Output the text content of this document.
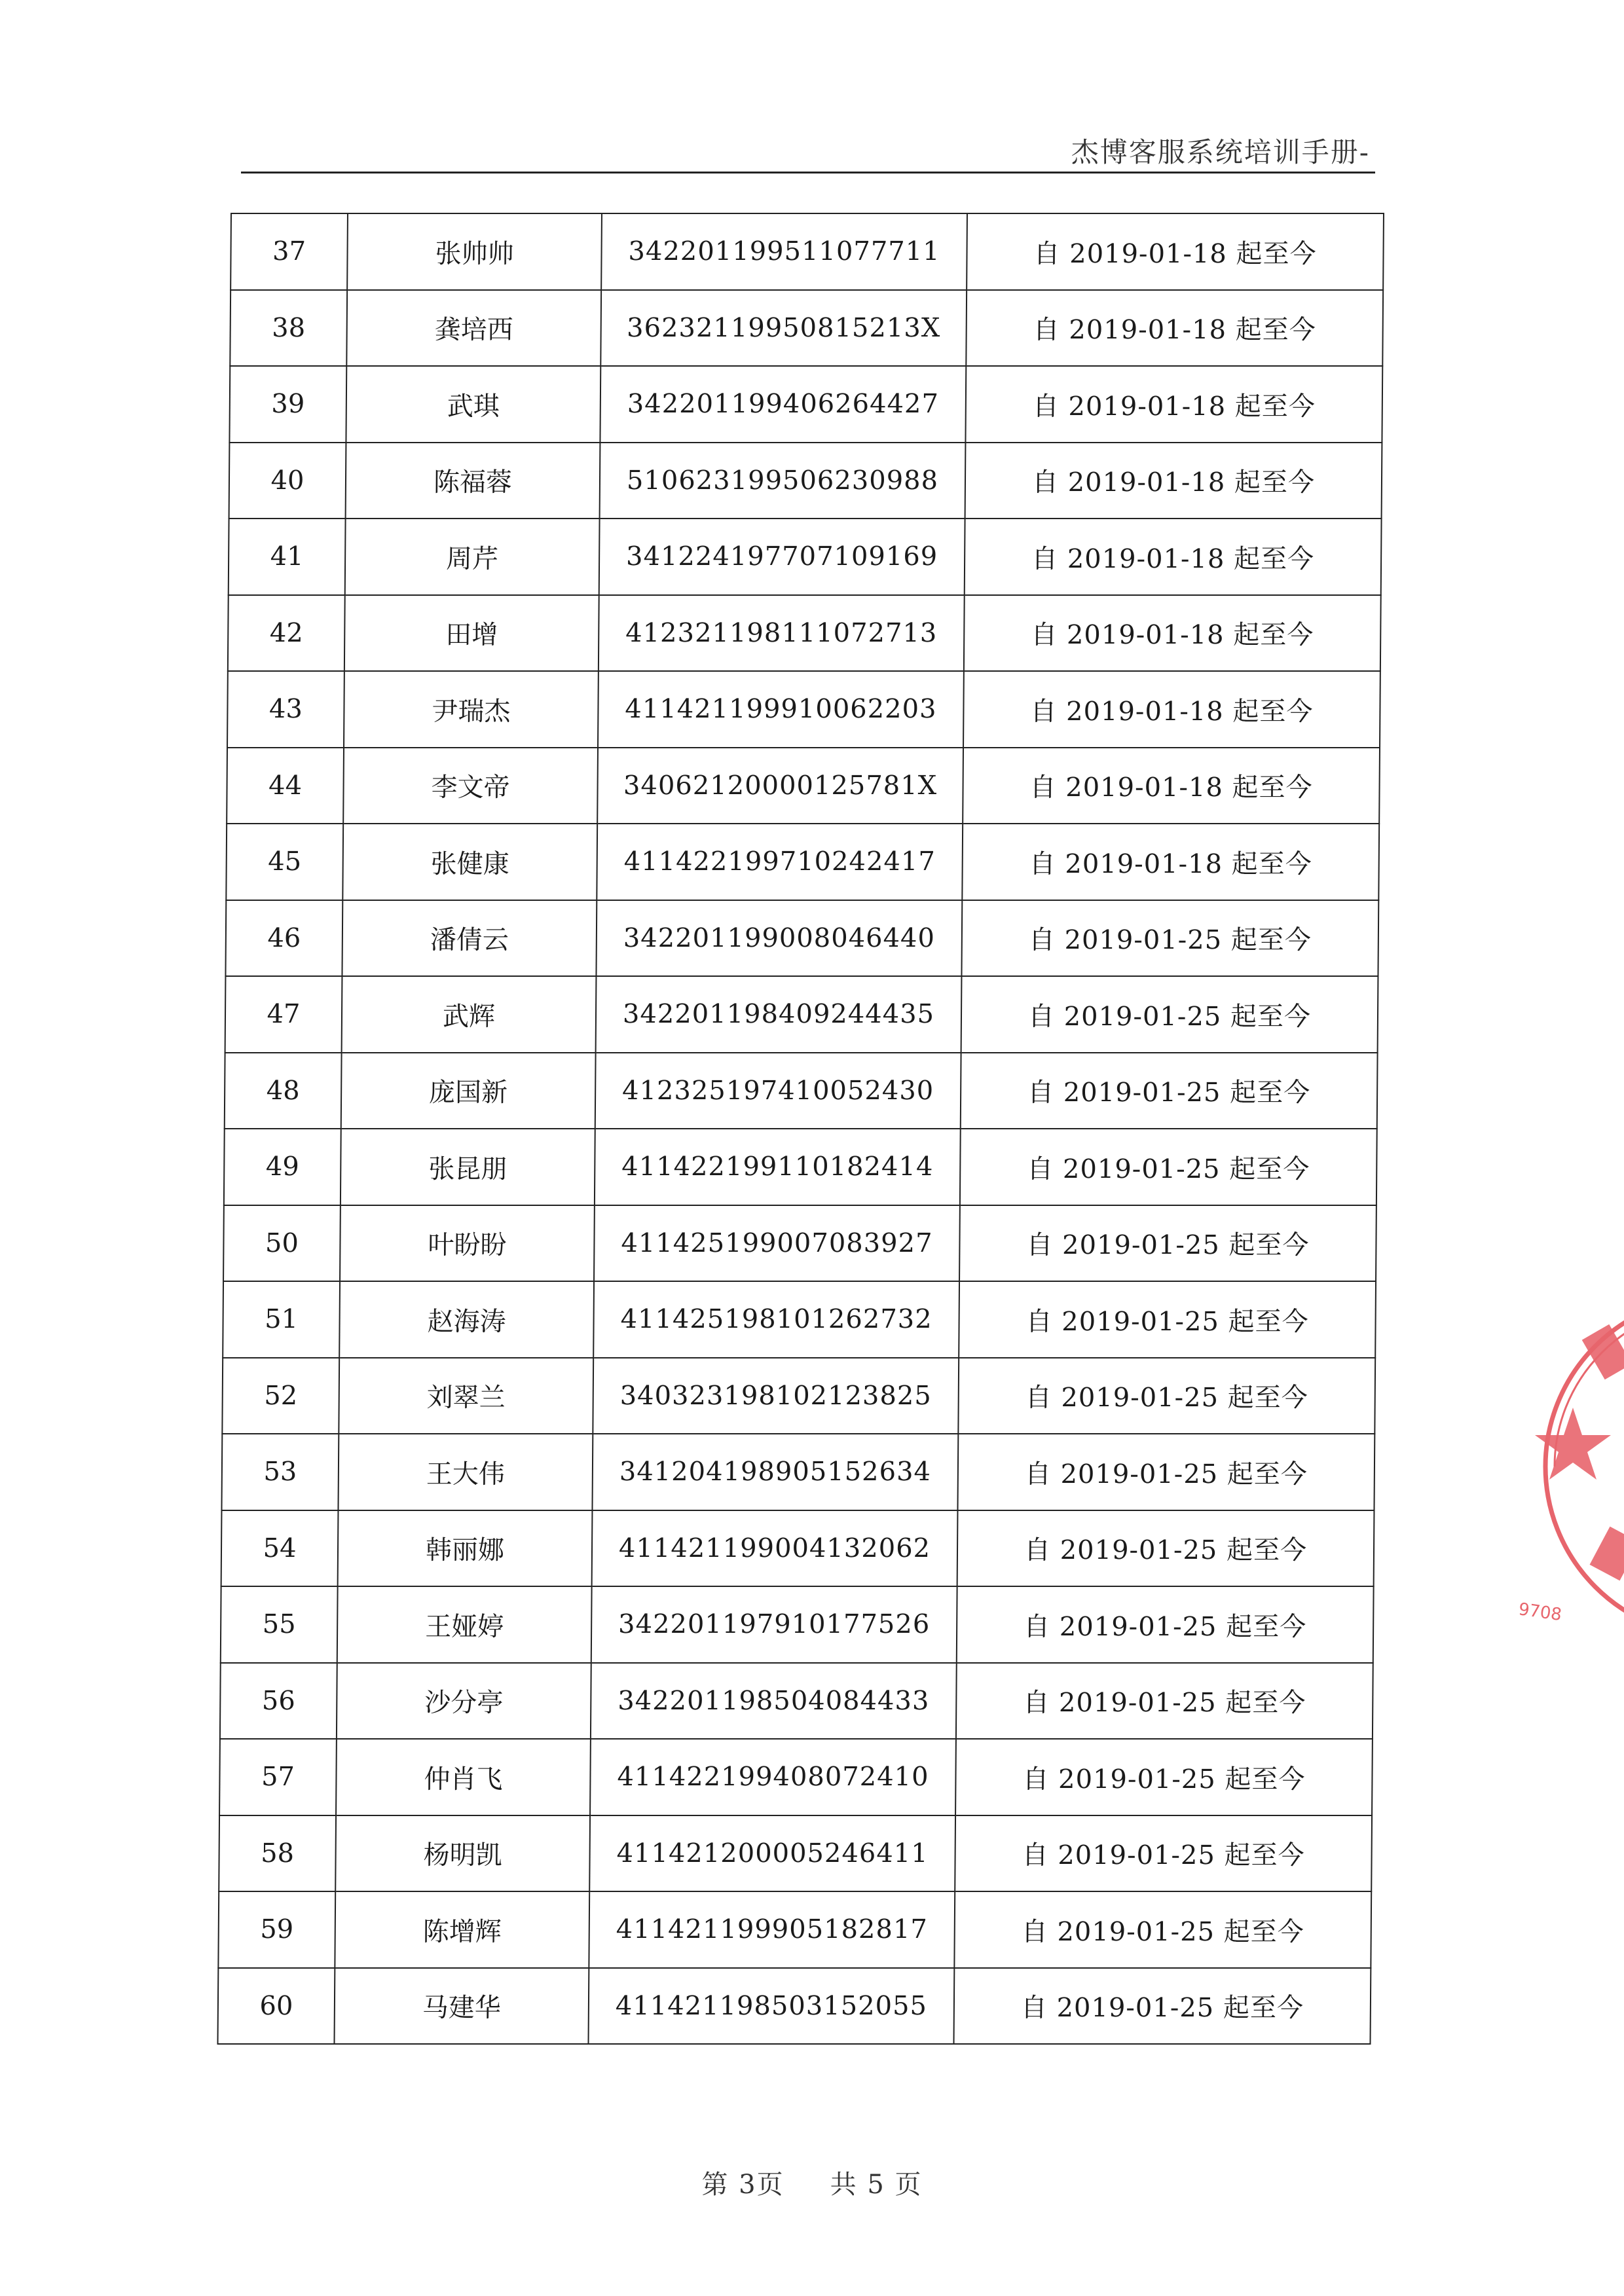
杰博客服系统培训手册-
37	张帅帅	342201199511077711	自 2019-01-18 起至今
38	龚培西	36232119950815213X	自 2019-01-18 起至今
39	武琪	342201199406264427	自 2019-01-18 起至今
40	陈福蓉	510623199506230988	自 2019-01-18 起至今
41	周芹	341224197707109169	自 2019-01-18 起至今
42	田增	412321198111072713	自 2019-01-18 起至今
43	尹瑞杰	411421199910062203	自 2019-01-18 起至今
44	李文帝	34062120000125781X	自 2019-01-18 起至今
45	张健康	411422199710242417	自 2019-01-18 起至今
46	潘倩云	342201199008046440	自 2019-01-25 起至今
47	武辉	342201198409244435	自 2019-01-25 起至今
48	庞国新	412325197410052430	自 2019-01-25 起至今
49	张昆朋	411422199110182414	自 2019-01-25 起至今
50	叶盼盼	411425199007083927	自 2019-01-25 起至今
51	赵海涛	411425198101262732	自 2019-01-25 起至今
52	刘翠兰	340323198102123825	自 2019-01-25 起至今
53	王大伟	341204198905152634	自 2019-01-25 起至今
54	韩丽娜	411421199004132062	自 2019-01-25 起至今
55	王娅婷	342201197910177526	自 2019-01-25 起至今
56	沙分亭	342201198504084433	自 2019-01-25 起至今
57	仲肖飞	411422199408072410	自 2019-01-25 起至今
58	杨明凯	411421200005246411	自 2019-01-25 起至今
59	陈增辉	411421199905182817	自 2019-01-25 起至今
60	马建华	411421198503152055	自 2019-01-25 起至今
第 3页 共 5 页
9708
